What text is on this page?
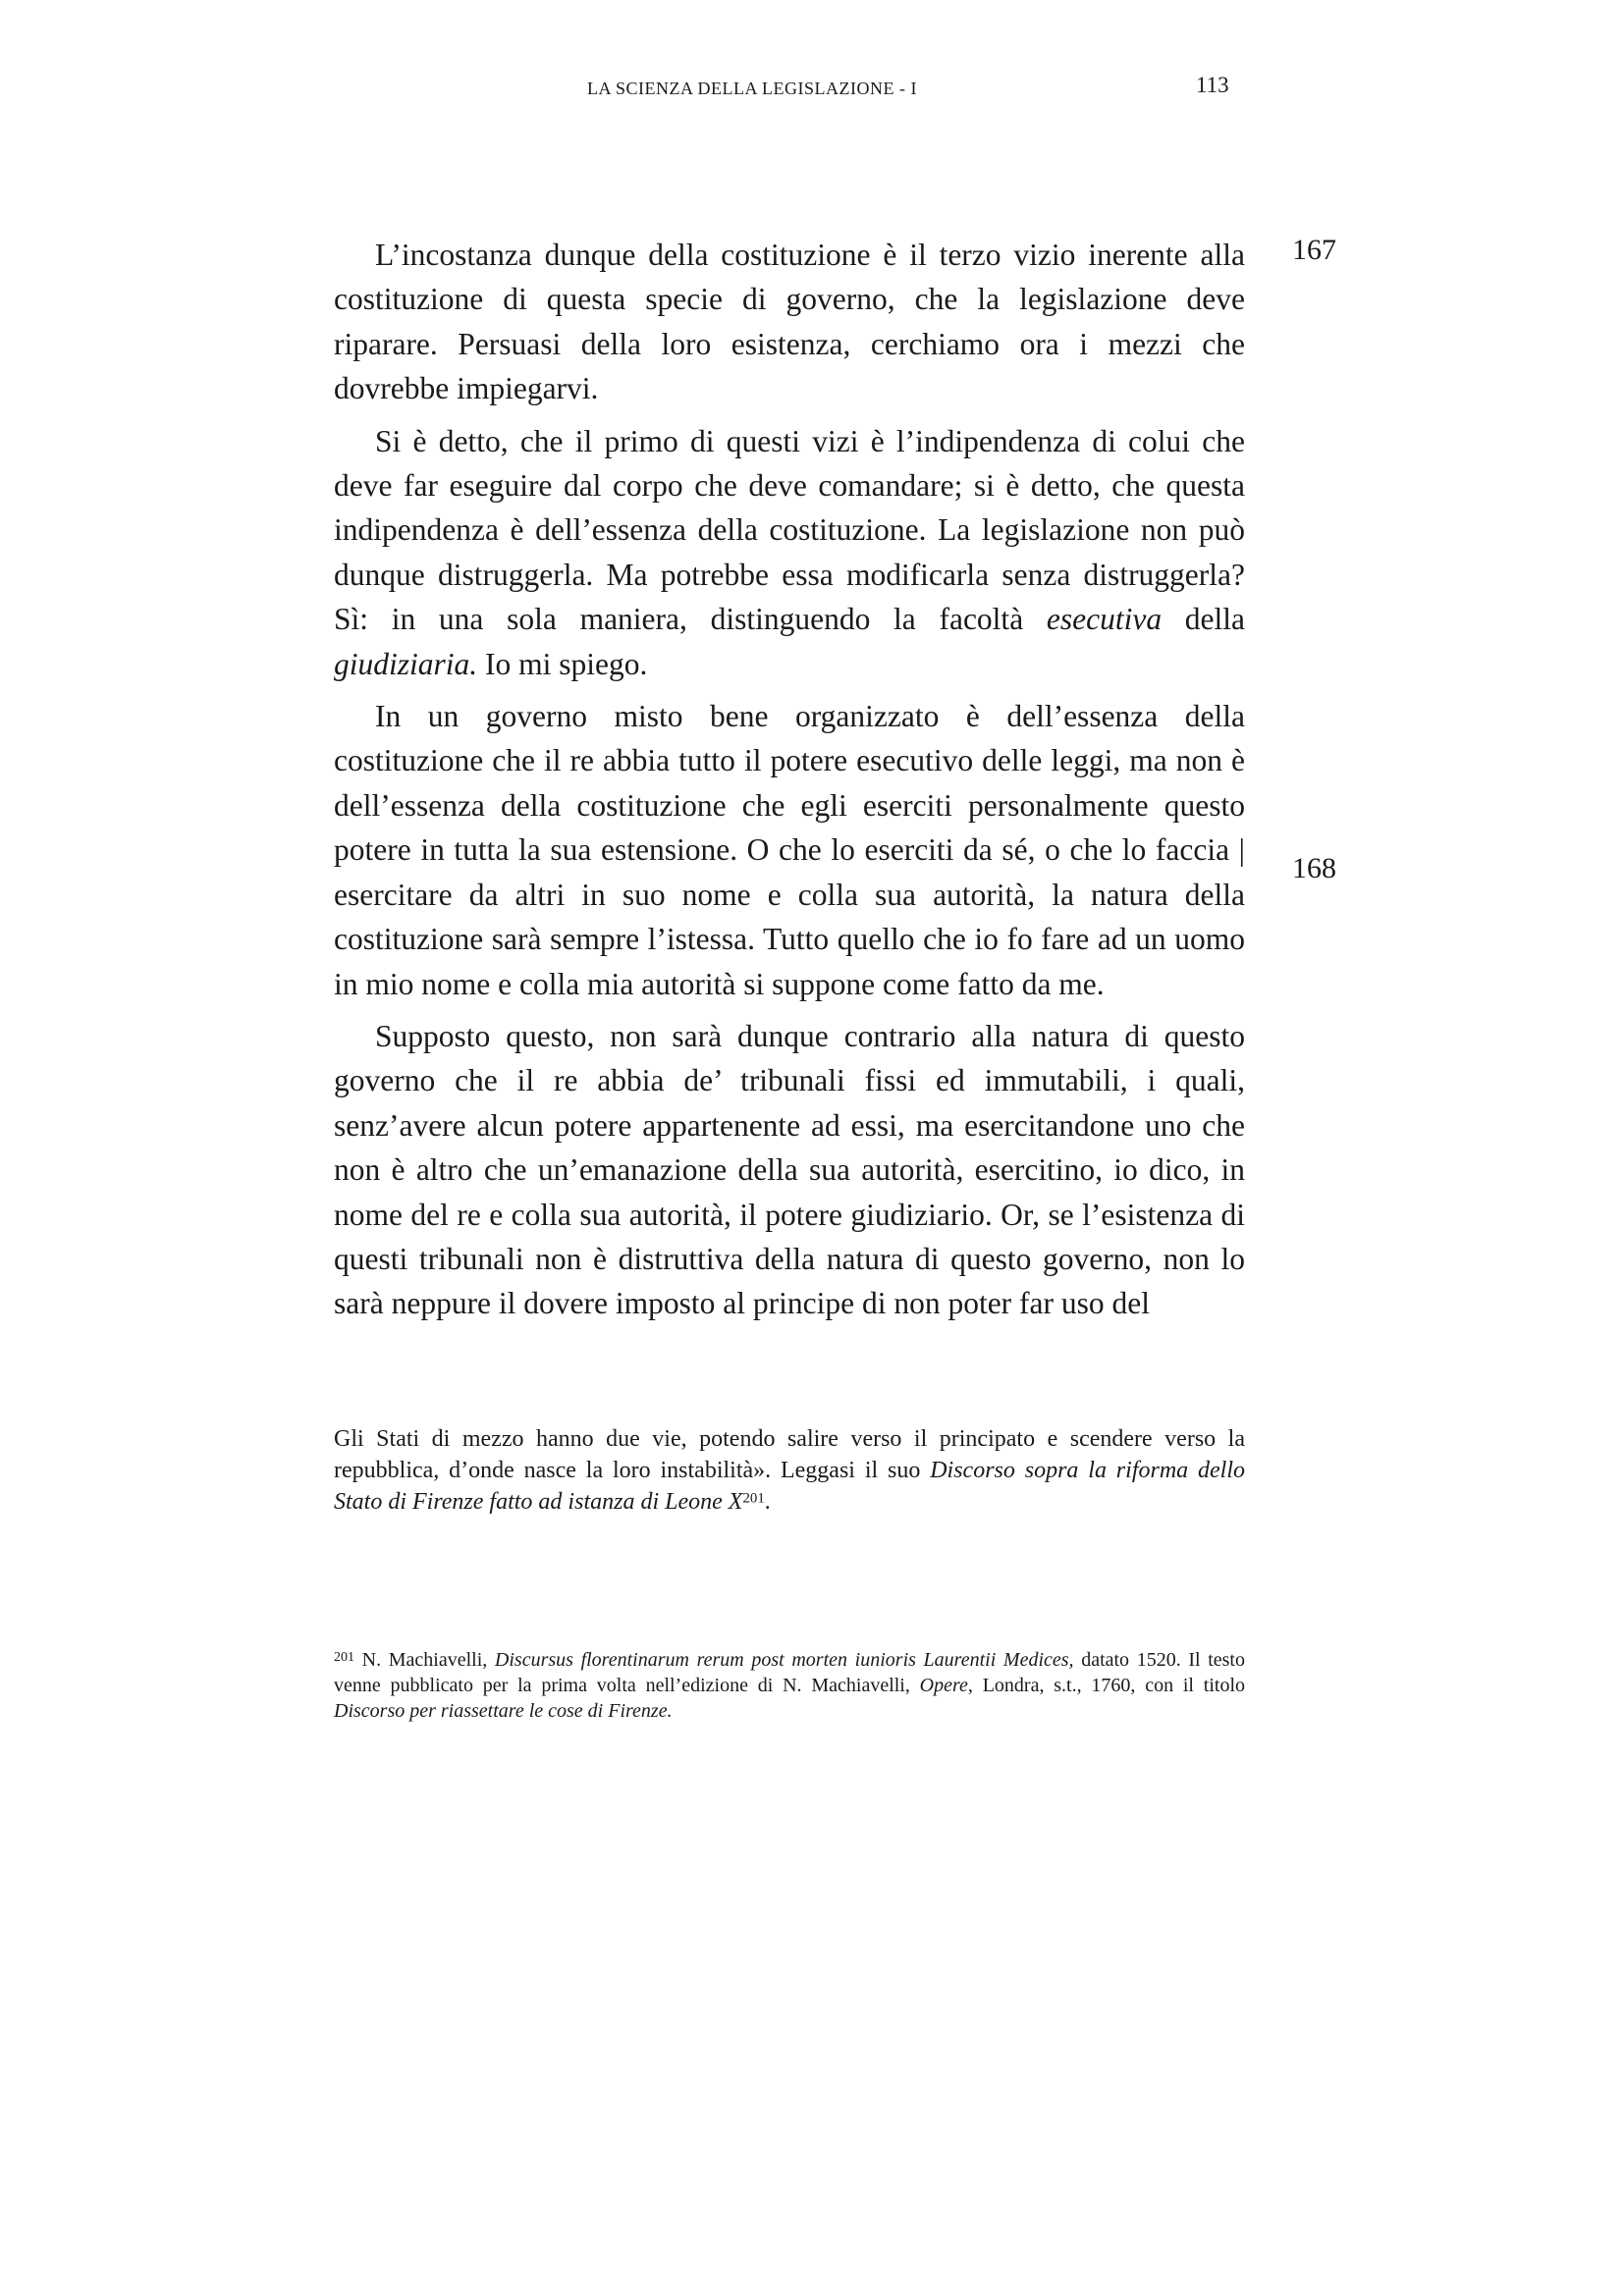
LA SCIENZA DELLA LEGISLAZIONE - I	113
167
168

L’incostanza dunque della costituzione è il terzo vizio inerente alla costituzione di questa specie di governo, che la legislazione deve riparare. Persuasi della loro esistenza, cerchiamo ora i mezzi che dovrebbe impiegarvi.

Si è detto, che il primo di questi vizi è l’indipendenza di colui che deve far eseguire dal corpo che deve comandare; si è detto, che questa indipendenza è dell’essenza della costituzione. La legislazione non può dunque distruggerla. Ma potrebbe essa modificarla senza distruggerla? Sì: in una sola maniera, distinguendo la facoltà esecutiva della giudiziaria. Io mi spiego.

In un governo misto bene organizzato è dell’essenza della costituzione che il re abbia tutto il potere esecutivo delle leggi, ma non è dell’essenza della costituzione che egli eserciti personalmente questo potere in tutta la sua estensione. O che lo eserciti da sé, o che lo faccia | esercitare da altri in suo nome e colla sua autorità, la natura della costituzione sarà sempre l’istessa. Tutto quello che io fo fare ad un uomo in mio nome e colla mia autorità si suppone come fatto da me.

Supposto questo, non sarà dunque contrario alla natura di questo governo che il re abbia de’ tribunali fissi ed immutabili, i quali, senz’avere alcun potere appartenente ad essi, ma esercitandone uno che non è altro che un’emanazione della sua autorità, esercitino, io dico, in nome del re e colla sua autorità, il potere giudiziario. Or, se l’esistenza di questi tribunali non è distruttiva della natura di questo governo, non lo sarà neppure il dovere imposto al principe di non poter far uso del

Gli Stati di mezzo hanno due vie, potendo salire verso il principato e scendere verso la repubblica, d’onde nasce la loro instabilità». Leggasi il suo Discorso sopra la riforma dello Stato di Firenze fatto ad istanza di Leone $X^{201}$.
$^{201}$ N. Machiavelli, Discursus florentinarum rerum post morten iunioris Laurentii Medices, datato 1520. Il testo venne pubblicato per la prima volta nell’edizione di N. Machiavelli, Opere, Londra, s.t., 1760, con il titolo Discorso per riassettare le cose di Firenze.
